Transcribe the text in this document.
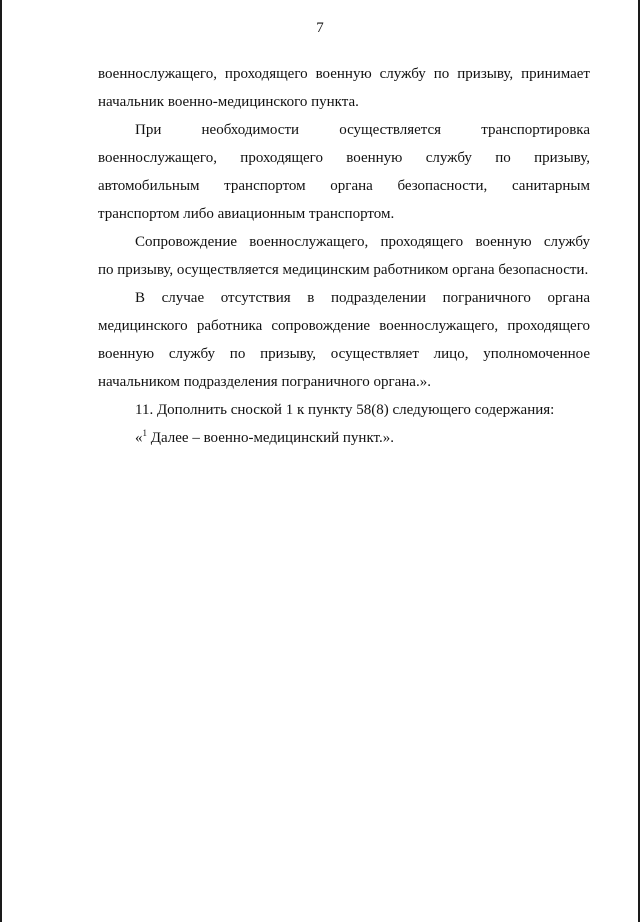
7
военнослужащего, проходящего военную службу по призыву, принимает
начальник военно-медицинского пункта.
При необходимости осуществляется транспортировка
военнослужащего, проходящего военную службу по призыву,
автомобильным транспортом органа безопасности, санитарным
транспортом либо авиационным транспортом.
Сопровождение военнослужащего, проходящего военную службу
по призыву, осуществляется медицинским работником органа безопасности.
В случае отсутствия в подразделении пограничного органа
медицинского работника сопровождение военнослужащего, проходящего
военную службу по призыву, осуществляет лицо, уполномоченное
начальником подразделения пограничного органа.».
11. Дополнить сноской 1 к пункту 58(8) следующего содержания:
«$^1$ Далее – военно-медицинский пункт.».
